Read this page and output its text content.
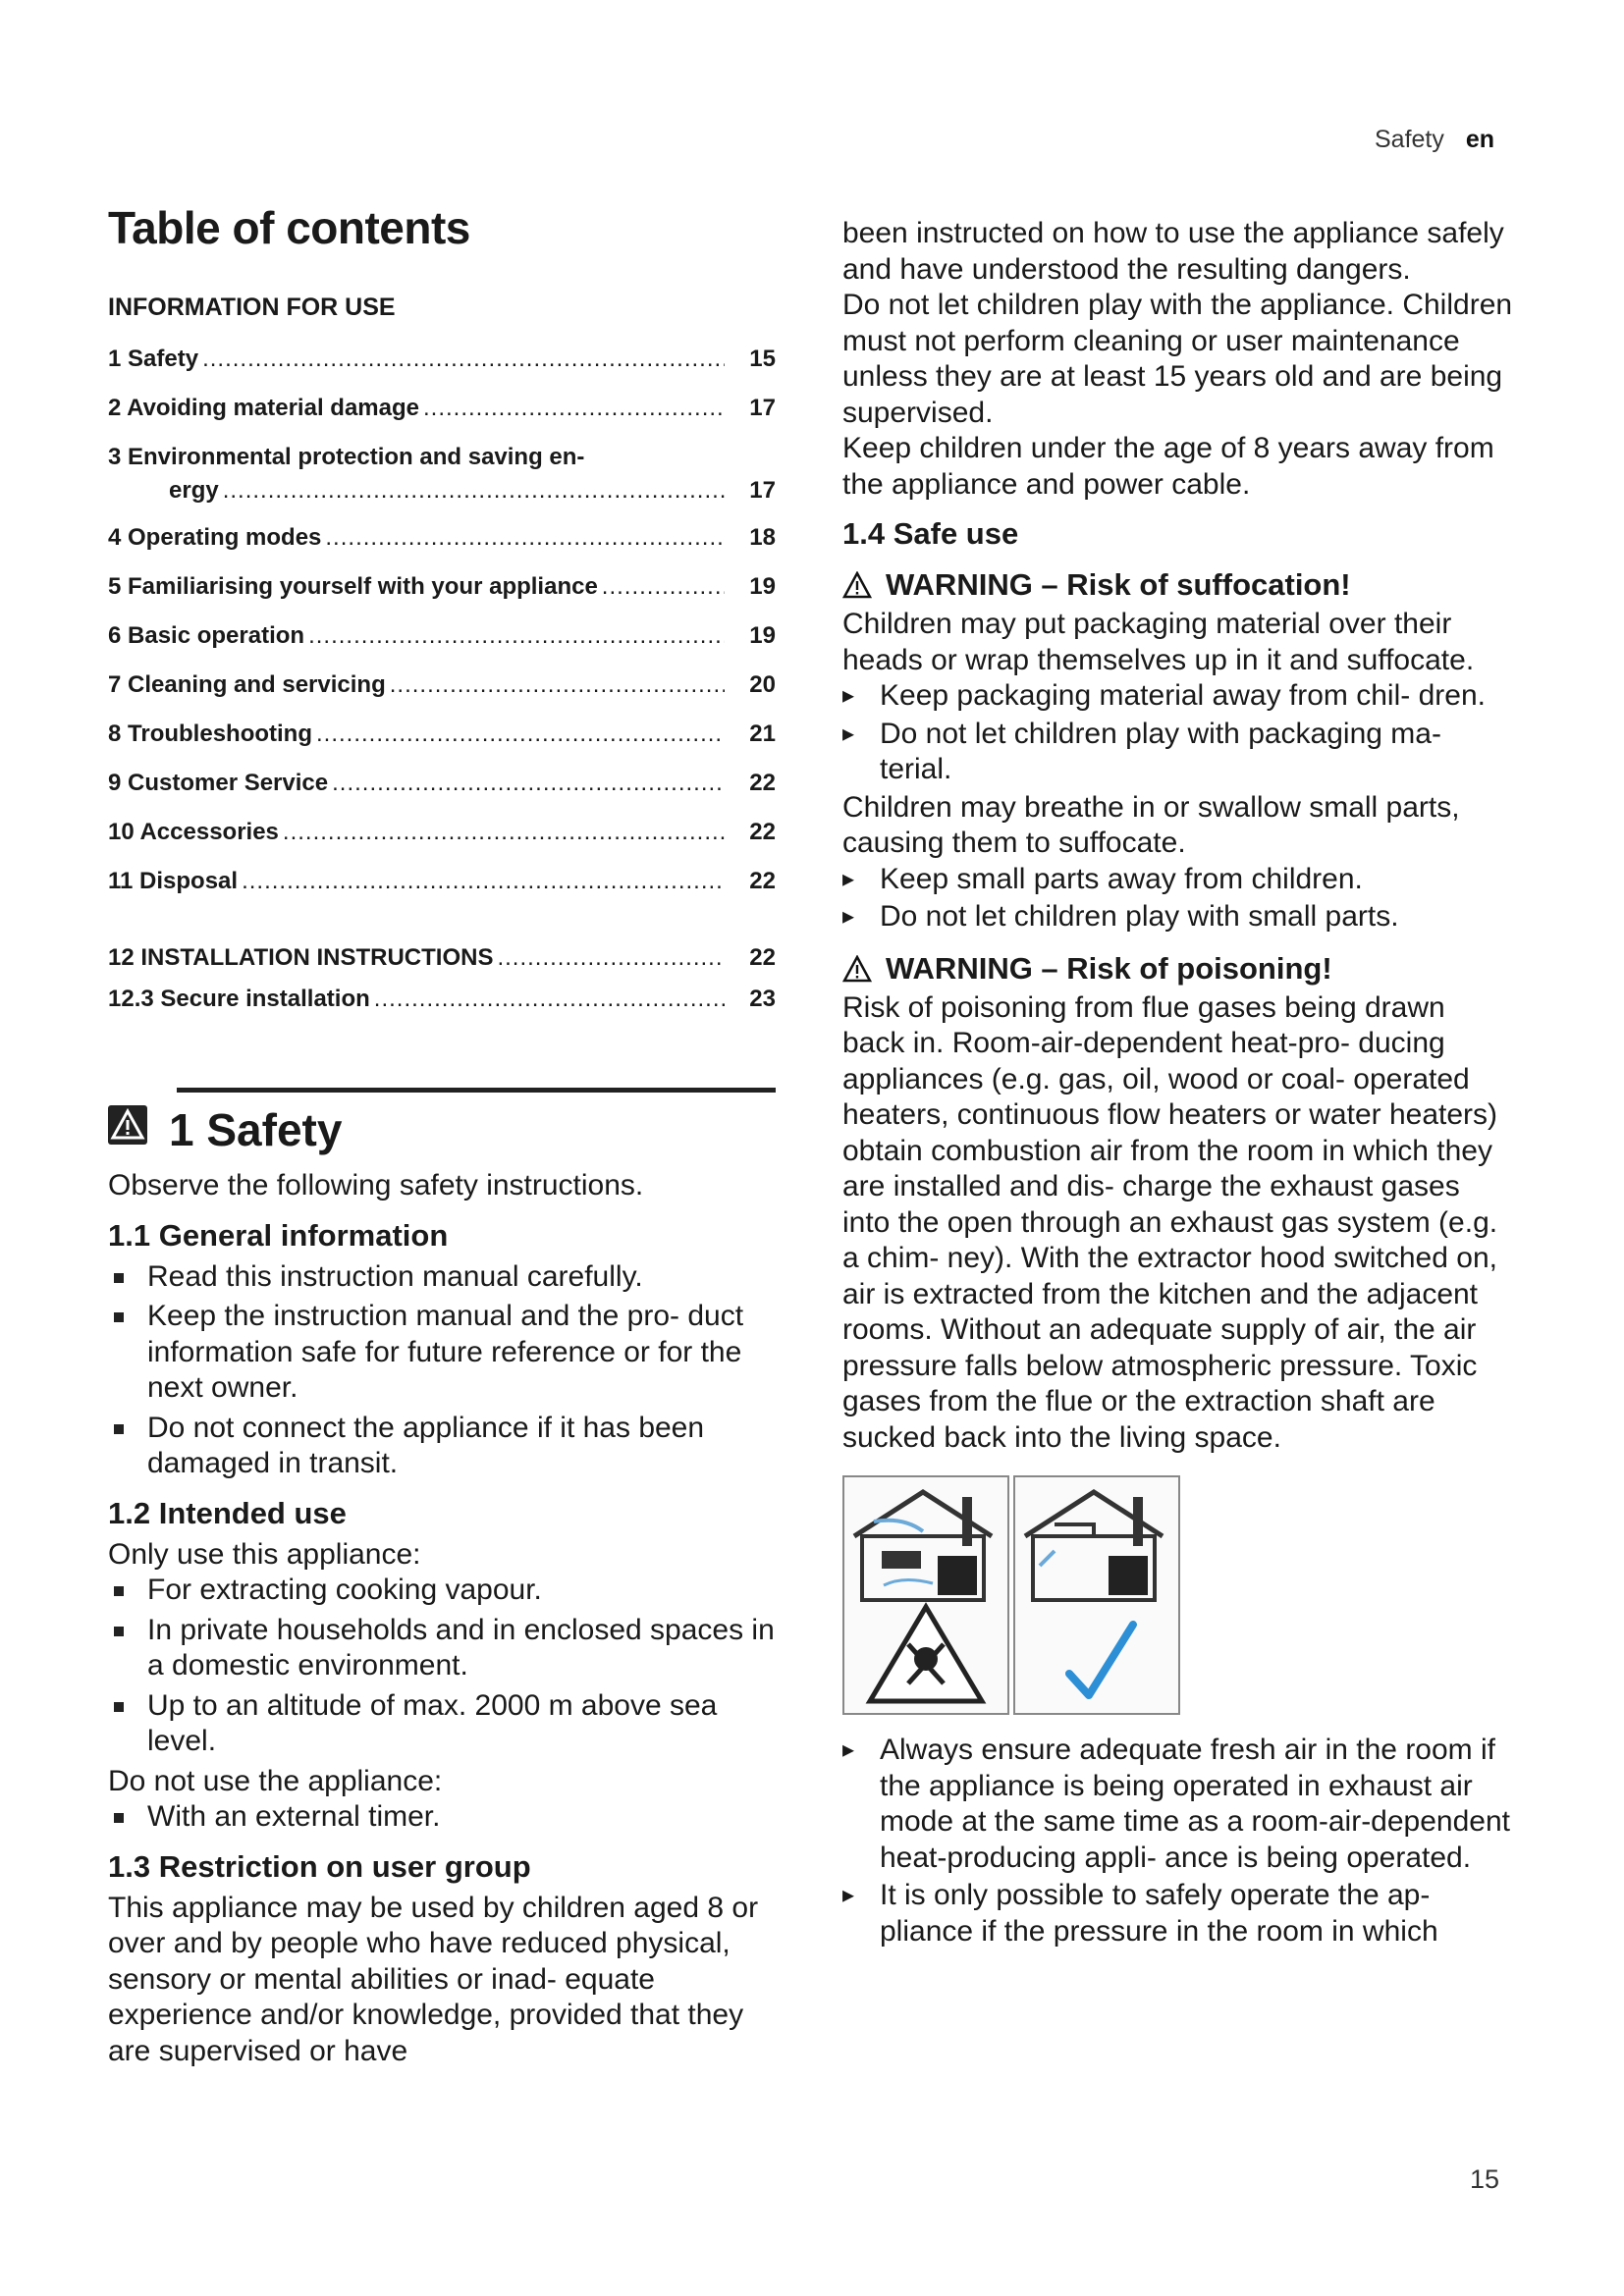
Safety en
Table of contents
INFORMATION FOR USE
1 Safety .....	15
2 Avoiding material damage .....	17
3 Environmental protection and saving en-
ergy .....	17
4 Operating modes .....	18
5 Familiarising yourself with your appliance .....	19
6 Basic operation .....	19
7 Cleaning and servicing .....	20
8 Troubleshooting .....	21
9 Customer Service .....	22
10 Accessories .....	22
11 Disposal .....	22
12 INSTALLATION INSTRUCTIONS .....	22
12.3 Secure installation .....	23
1 Safety

Observe the following safety instructions.

1.1 General information
Read this instruction manual carefully.
Keep the instruction manual and the pro- duct information safe for future reference or for the next owner.
Do not connect the appliance if it has been damaged in transit.
1.2 Intended use

Only use this appliance:

For extracting cooking vapour.
In private households and in enclosed spaces in a domestic environment.
Up to an altitude of max. 2000 m above sea level.

Do not use the appliance:

With an external timer.
1.3 Restriction on user group

This appliance may be used by children aged 8 or over and by people who have reduced physical, sensory or mental abilities or inad- equate experience and/or knowledge, provided that they are supervised or have

been instructed on how to use the appliance safely and have understood the resulting dangers.

Do not let children play with the appliance. Children must not perform cleaning or user maintenance unless they are at least 15 years old and are being supervised.

Keep children under the age of 8 years away from the appliance and power cable.

1.4 Safe use
WARNING – Risk of suffocation!

Children may put packaging material over their heads or wrap themselves up in it and suffocate.

▸ Keep packaging material away from chil- dren.
▸ Do not let children play with packaging ma- terial.

Children may breathe in or swallow small parts, causing them to suffocate.

▸ Keep small parts away from children.
▸ Do not let children play with small parts.
WARNING – Risk of poisoning!

Risk of poisoning from flue gases being drawn back in. Room-air-dependent heat-pro- ducing appliances (e.g. gas, oil, wood or coal- operated heaters, continuous flow heaters or water heaters) obtain combustion air from the room in which they are installed and dis- charge the exhaust gases into the open through an exhaust gas system (e.g. a chim- ney). With the extractor hood switched on, air is extracted from the kitchen and the adjacent rooms. Without an adequate supply of air, the air pressure falls below atmospheric pressure. Toxic gases from the flue or the extraction shaft are sucked back into the living space.

▸ Always ensure adequate fresh air in the room if the appliance is being operated in exhaust air mode at the same time as a room-air-dependent heat-producing appli- ance is being operated.
▸ It is only possible to safely operate the ap- pliance if the pressure in the room in which
15
